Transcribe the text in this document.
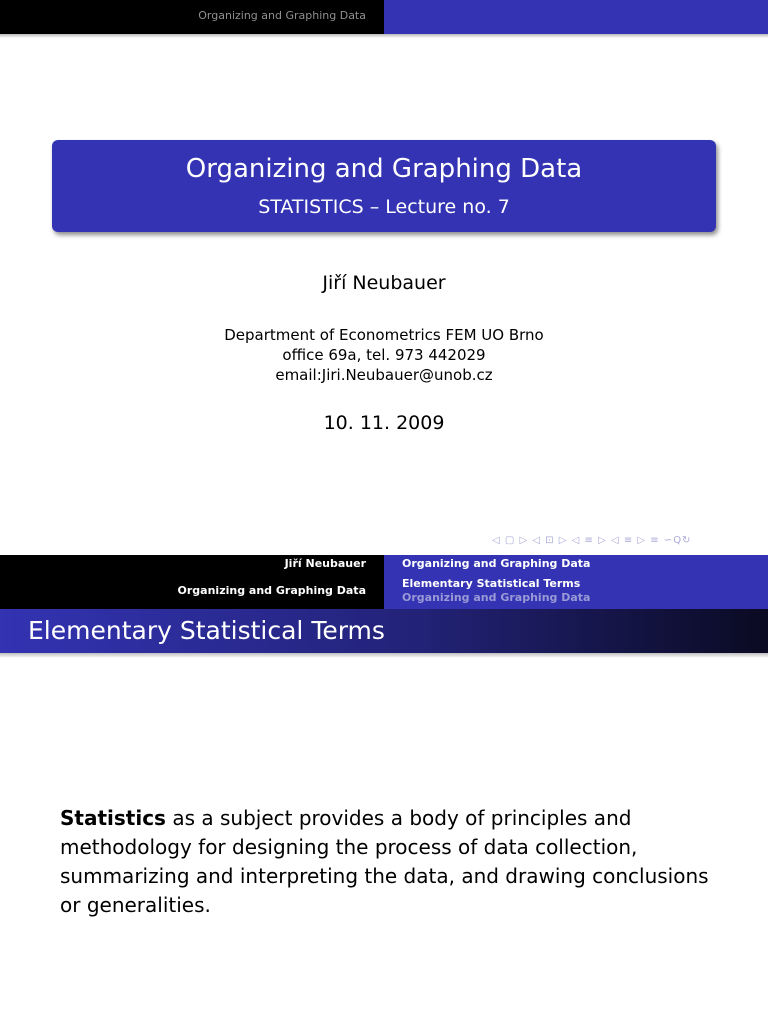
Organizing and Graphing Data
Organizing and Graphing Data
STATISTICS – Lecture no. 7
Jiří Neubauer
Department of Econometrics FEM UO Brno
office 69a, tel. 973 442029
email:Jiri.Neubauer@unob.cz
10. 11. 2009
◁ ▢ ▷ ◁ ⊡ ▷ ◁ ≡ ▷ ◁ ≡ ▷ ≡ ∽Q↻
Jiří Neubauer
Organizing and Graphing Data
Organizing and Graphing Data
Elementary Statistical Terms
Organizing and Graphing Data
Elementary Statistical Terms
Statistics as a subject provides a body of principles and methodology for designing the process of data collection, summarizing and interpreting the data, and drawing conclusions or generalities.
